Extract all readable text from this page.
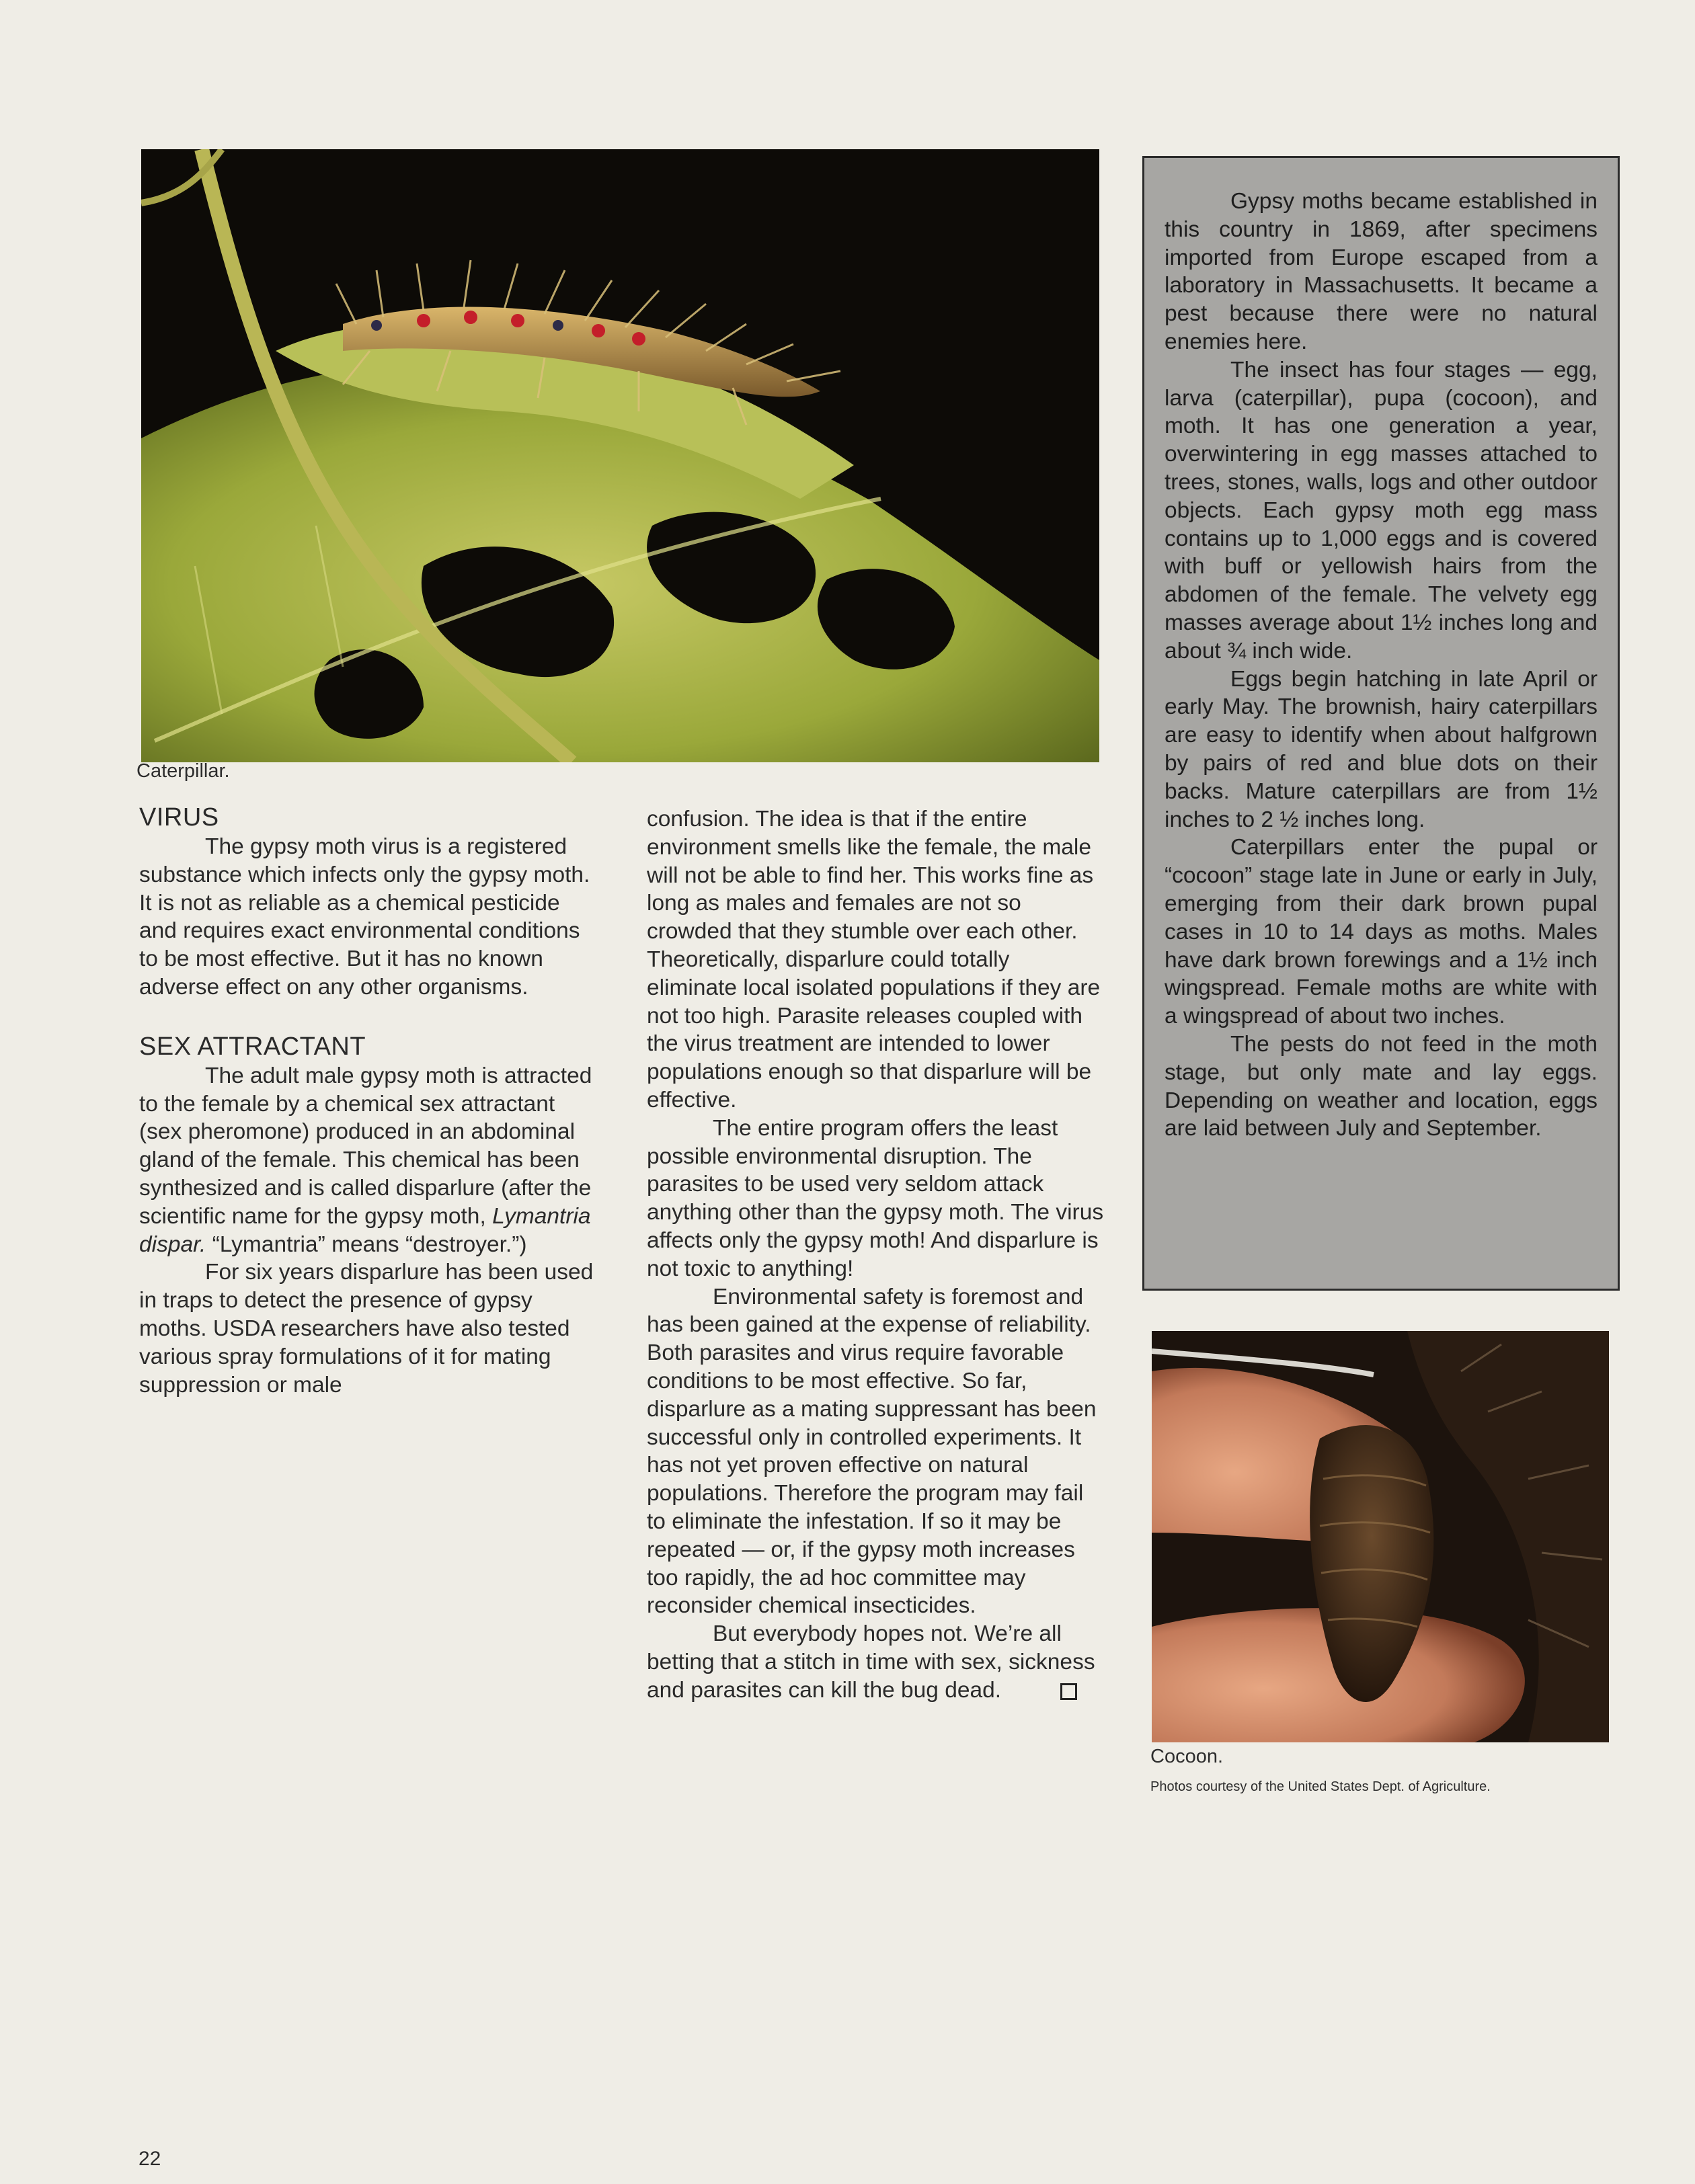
Caterpillar.
VIRUS

The gypsy moth virus is a registered substance which infects only the gypsy moth. It is not as reliable as a chemical pesticide and requires exact environmental conditions to be most effective. But it has no known adverse effect on any other organisms.

SEX ATTRACTANT

The adult male gypsy moth is attracted to the female by a chemical sex attractant (sex pheromone) produced in an abdominal gland of the female. This chemical has been synthesized and is called disparlure (after the scientific name for the gypsy moth, Lymantria dispar. “Lymantria” means “destroyer.”)

For six years disparlure has been used in traps to detect the presence of gypsy moths. USDA researchers have also tested various spray formulations of it for mating suppression or male

confusion. The idea is that if the entire environment smells like the female, the male will not be able to find her. This works fine as long as males and females are not so crowded that they stumble over each other. Theoretically, disparlure could totally eliminate local isolated populations if they are not too high. Parasite releases coupled with the virus treatment are intended to lower populations enough so that disparlure will be effective.

The entire program offers the least possible environmental disruption. The parasites to be used very seldom attack anything other than the gypsy moth. The virus affects only the gypsy moth! And disparlure is not toxic to anything!

Environmental safety is foremost and has been gained at the expense of reliability. Both parasites and virus require favorable conditions to be most effective. So far, disparlure as a mating suppressant has been successful only in controlled experiments. It has not yet proven effective on natural populations. Therefore the program may fail to eliminate the infestation. If so it may be repeated — or, if the gypsy moth increases too rapidly, the ad hoc committee may reconsider chemical insecticides.

But everybody hopes not. We’re all betting that a stitch in time with sex, sickness and parasites can kill the bug dead.

Gypsy moths became established in this country in 1869, after specimens imported from Europe escaped from a laboratory in Massachusetts. It became a pest because there were no natural enemies here.

The insect has four stages — egg, larva (caterpillar), pupa (cocoon), and moth. It has one generation a year, overwintering in egg masses attached to trees, stones, walls, logs and other outdoor objects. Each gypsy moth egg mass contains up to 1,000 eggs and is covered with buff or yellowish hairs from the abdomen of the female. The velvety egg masses average about 1½ inches long and about ¾ inch wide.

Eggs begin hatching in late April or early May. The brownish, hairy caterpillars are easy to identify when about halfgrown by pairs of red and blue dots on their backs. Mature caterpillars are from 1½ inches to 2 ½ inches long.

Caterpillars enter the pupal or “cocoon” stage late in June or early in July, emerging from their dark brown pupal cases in 10 to 14 days as moths. Males have dark brown forewings and a 1½ inch wingspread. Female moths are white with a wingspread of about two inches.

The pests do not feed in the moth stage, but only mate and lay eggs. Depending on weather and location, eggs are laid between July and September.

Cocoon.
Photos courtesy of the United States Dept. of Agriculture.
22
